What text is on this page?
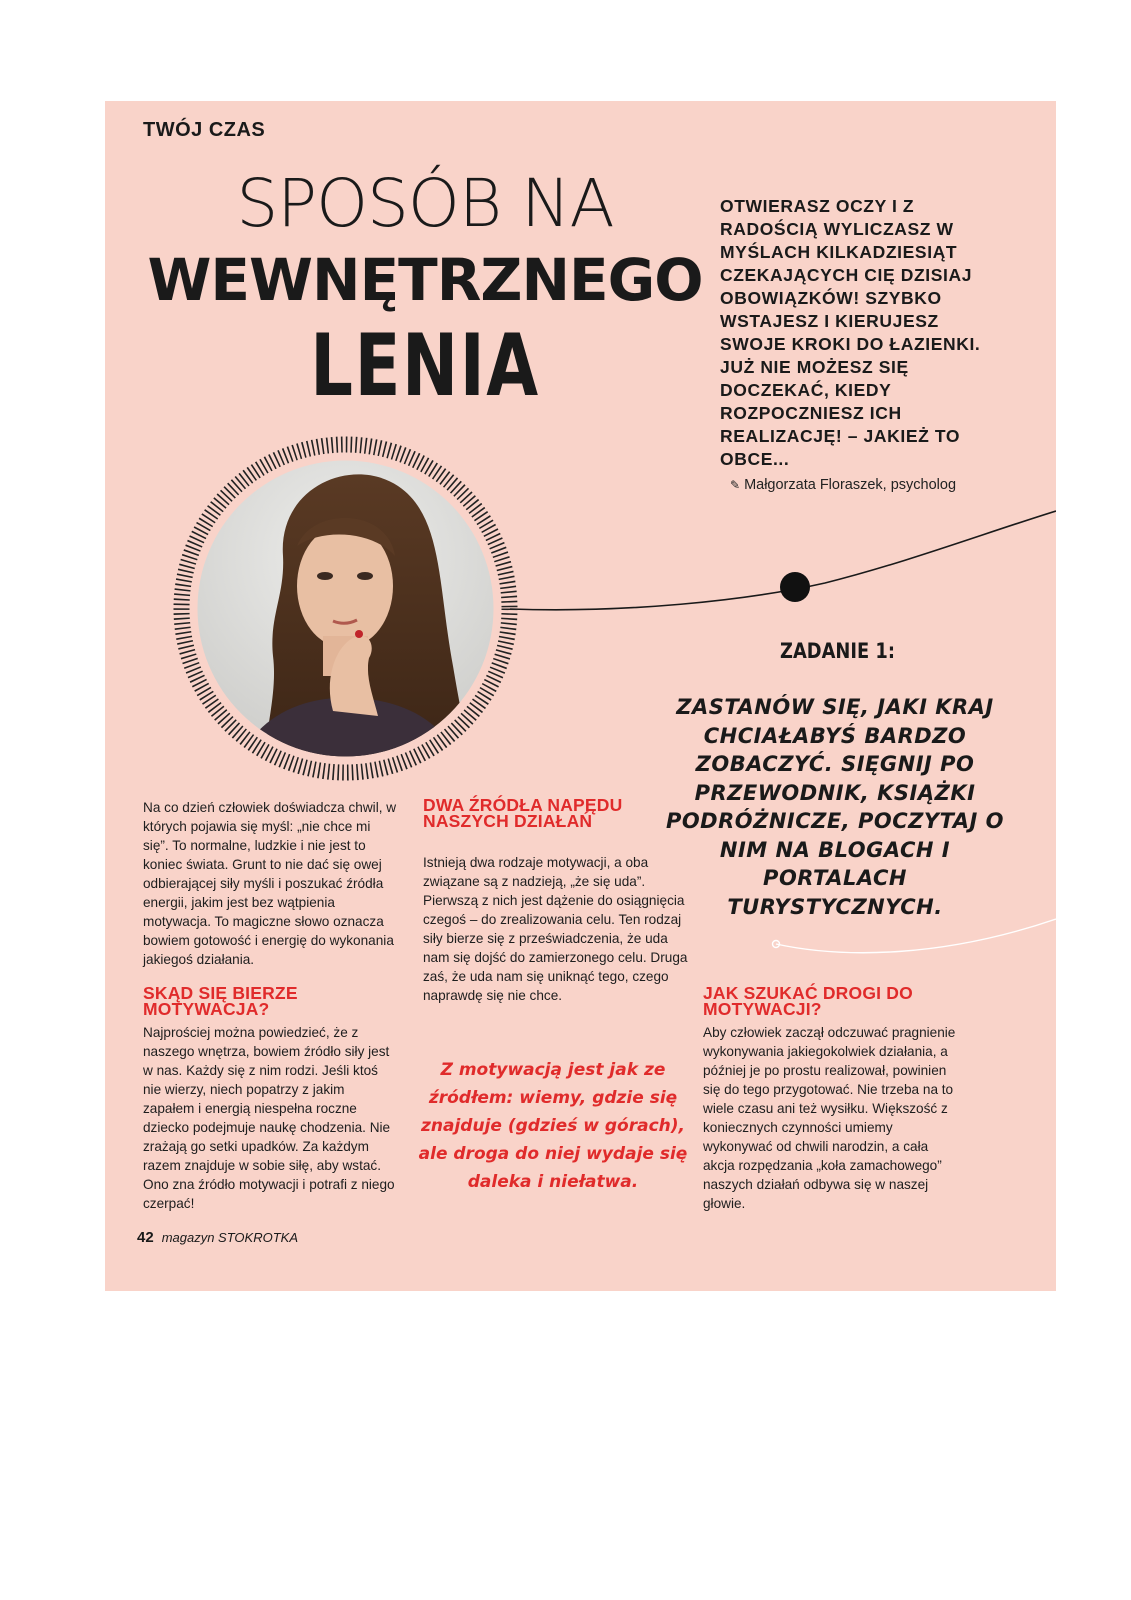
TWÓJ CZAS
SPOSÓB NA
WEWNĘTRZNEGO
LENIA
OTWIERASZ OCZY I Z RADOŚCIĄ WYLICZASZ W MYŚLACH KILKADZIESIĄT CZEKAJĄCYCH CIĘ DZISIAJ OBOWIĄZKÓW! SZYBKO WSTAJESZ I KIERUJESZ SWOJE KROKI DO ŁAZIENKI. JUŻ NIE MOŻESZ SIĘ DOCZEKAĆ, KIEDY ROZPOCZNIESZ ICH REALIZACJĘ! – JAKIEŻ TO OBCE...
✎ Małgorzata Floraszek, psycholog
ZADANIE 1:
ZASTANÓW SIĘ, JAKI KRAJ CHCIAŁABYŚ BARDZO ZOBACZYĆ. SIĘGNIJ PO PRZEWODNIK, KSIĄŻKI PODRÓŻNICZE, POCZYTAJ O NIM NA BLOGACH I PORTALACH TURYSTYCZNYCH.
Na co dzień człowiek doświadcza chwil, w których pojawia się myśl: „nie chce mi się”. To normalne, ludzkie i nie jest to koniec świata. Grunt to nie dać się owej odbierającej siły myśli i poszukać źródła energii, jakim jest bez wątpienia motywacja. To magiczne słowo oznacza bowiem gotowość i energię do wykonania jakiegoś działania.
SKĄD SIĘ BIERZE MOTYWACJA?
Najprościej można powiedzieć, że z naszego wnętrza, bowiem źródło siły jest w nas. Każdy się z nim rodzi. Jeśli ktoś nie wierzy, niech popatrzy z jakim zapałem i energią niespełna roczne dziecko podejmuje naukę chodzenia. Nie zrażają go setki upadków. Za każdym razem znajduje w sobie siłę, aby wstać. Ono zna źródło motywacji i potrafi z niego czerpać!
DWA ŹRÓDŁA NAPĘDU NASZYCH DZIAŁAŃ
Istnieją dwa rodzaje motywacji, a oba związane są z nadzieją, „że się uda”. Pierwszą z nich jest dążenie do osiągnięcia czegoś – do zrealizowania celu. Ten rodzaj siły bierze się z przeświadczenia, że uda nam się dojść do zamierzonego celu. Druga zaś, że uda nam się uniknąć tego, czego naprawdę się nie chce.
Z motywacją jest jak ze źródłem: wiemy, gdzie się znajduje (gdzieś w górach), ale droga do niej wydaje się daleka i niełatwa.
JAK SZUKAĆ DROGI DO MOTYWACJI?
Aby człowiek zaczął odczuwać pragnienie wykonywania jakiegokolwiek działania, a później je po prostu realizował, powinien się do tego przygotować. Nie trzeba na to wiele czasu ani też wysiłku. Większość z koniecznych czynności umiemy wykonywać od chwili narodzin, a cała akcja rozpędzania „koła zamachowego” naszych działań odbywa się w naszej głowie.
42 magazyn STOKROTKA
